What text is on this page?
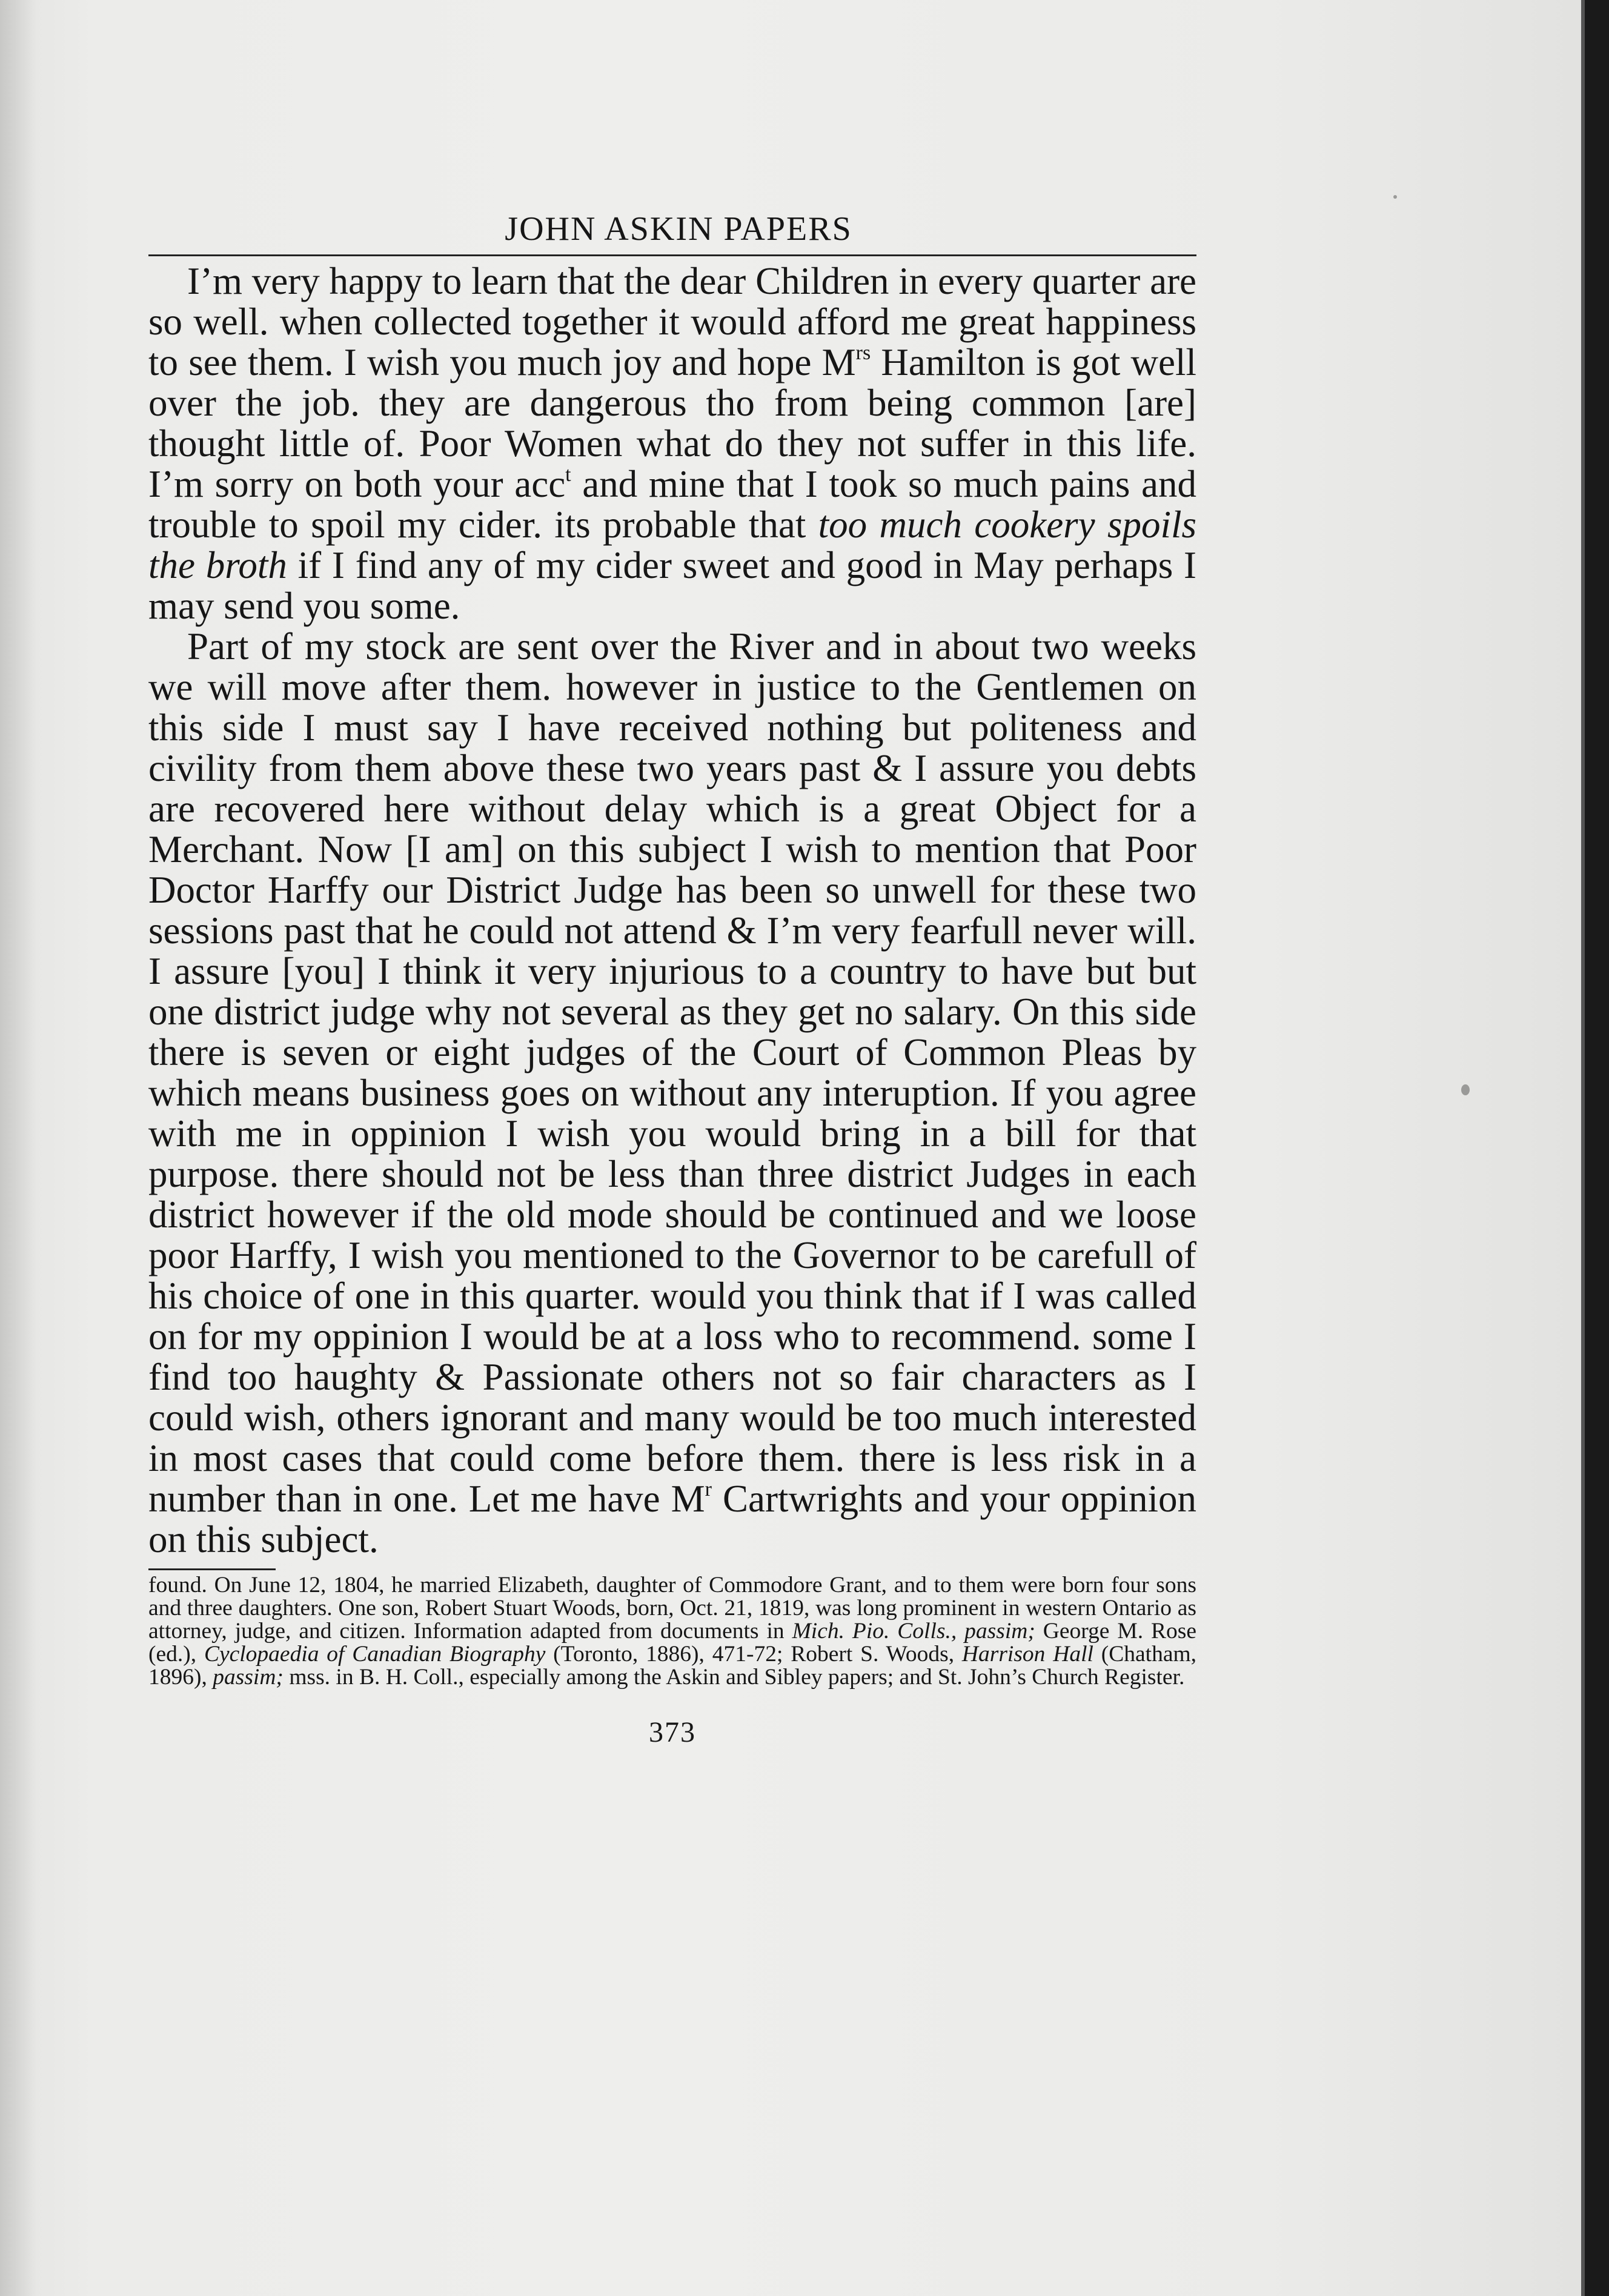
JOHN ASKIN PAPERS

I’m very happy to learn that the dear Children in every quarter are so well. when collected together it would afford me great happiness to see them. I wish you much joy and hope $M^{rs}$ Hamilton is got well over the job. they are dangerous tho from being common [are] thought little of. Poor Women what do they not suffer in this life. I’m sorry on both your acc$^t$ and mine that I took so much pains and trouble to spoil my cider. its probable that too much cookery spoils the broth if I find any of my cider sweet and good in May perhaps I may send you some.

Part of my stock are sent over the River and in about two weeks we will move after them. however in justice to the Gentlemen on this side I must say I have received nothing but politeness and civility from them above these two years past & I assure you debts are recovered here without delay which is a great Object for a Merchant. Now [I am] on this subject I wish to mention that Poor Doctor Harffy our District Judge has been so unwell for these two sessions past that he could not attend & I’m very fearfull never will. I assure [you] I think it very injurious to a country to have but but one district judge why not several as they get no salary. On this side there is seven or eight judges of the Court of Common Pleas by which means business goes on without any interuption. If you agree with me in oppinion I wish you would bring in a bill for that purpose. there should not be less than three district Judges in each district however if the old mode should be continued and we loose poor Harffy, I wish you mentioned to the Governor to be carefull of his choice of one in this quarter. would you think that if I was called on for my oppinion I would be at a loss who to recommend. some I find too haughty & Passionate others not so fair characters as I could wish, others ignorant and many would be too much interested in most cases that could come before them. there is less risk in a number than in one. Let me have $M^r$ Cartwrights and your oppinion on this subject.

found. On June 12, 1804, he married Elizabeth, daughter of Commodore Grant, and to them were born four sons and three daughters. One son, Robert Stuart Woods, born, Oct. 21, 1819, was long prominent in western Ontario as attorney, judge, and citizen. Information adapted from documents in Mich. Pio. Colls., passim; George M. Rose (ed.), Cyclopaedia of Canadian Biography (Toronto, 1886), 471-72; Robert S. Woods, Harrison Hall (Chatham, 1896), passim; mss. in B. H. Coll., especially among the Askin and Sibley papers; and St. John’s Church Register.
373
